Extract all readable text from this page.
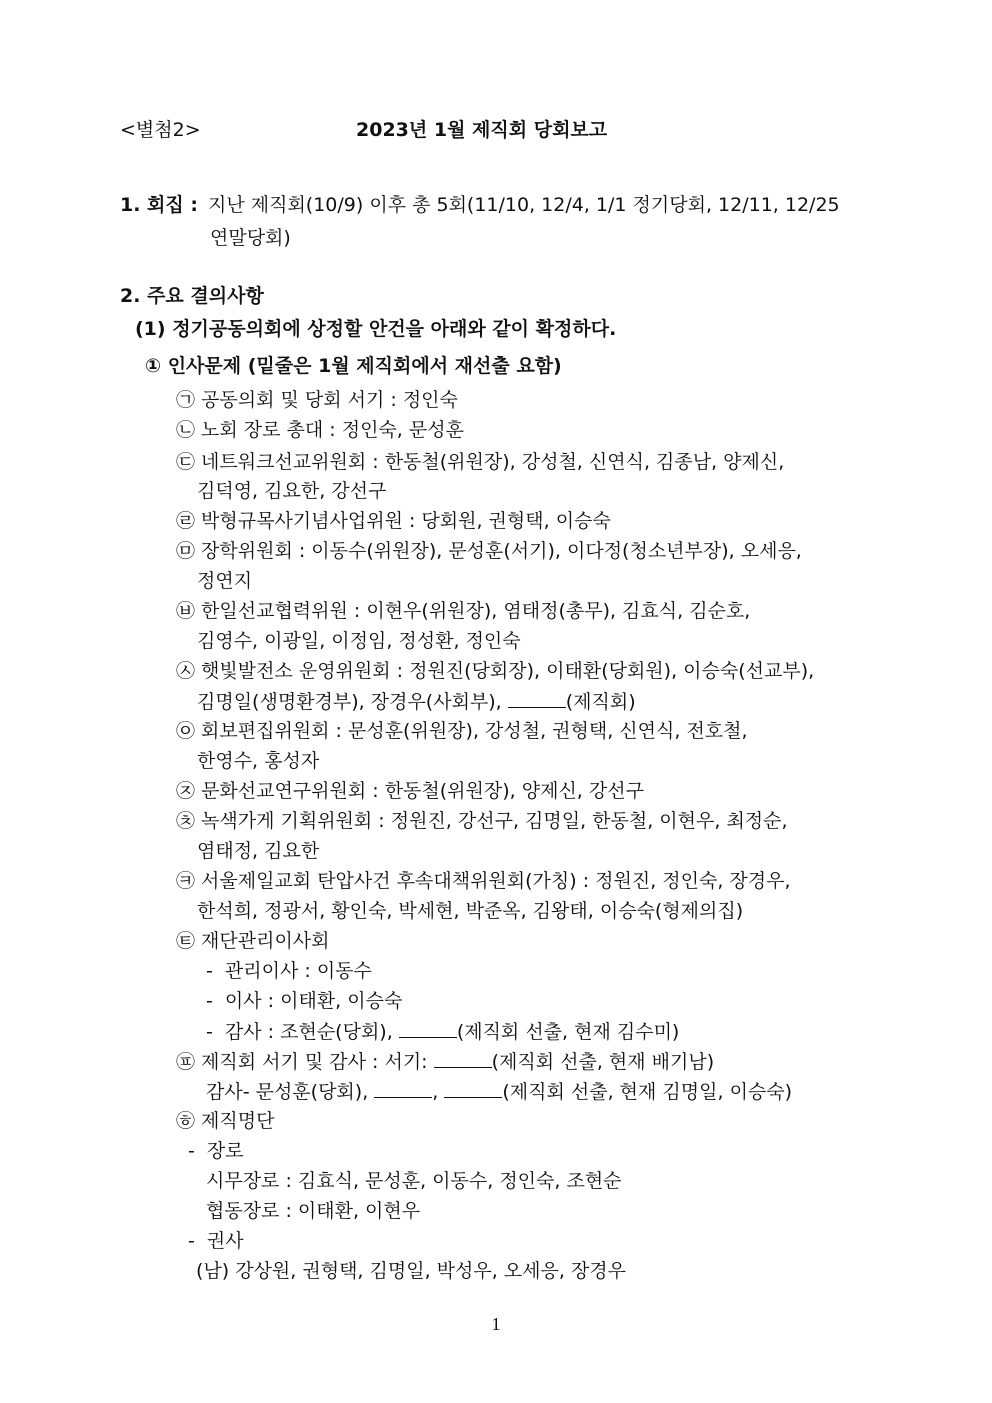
<별첨2>	2023년 1월 제직회 당회보고
1. 회집 : 지난 제직회(10/9) 이후 총 5회(11/10, 12/4, 1/1 정기당회, 12/11, 12/25
연말당회)
2. 주요 결의사항
(1) 정기공동의회에 상정할 안건을 아래와 같이 확정하다.
① 인사문제 (밑줄은 1월 제직회에서 재선출 요함)
㉠ 공동의회 및 당회 서기 : 정인숙
㉡ 노회 장로 총대 : 정인숙, 문성훈
㉢ 네트워크선교위원회 : 한동철(위원장), 강성철, 신연식, 김종남, 양제신,
김덕영, 김요한, 강선구
㉣ 박형규목사기념사업위원 : 당회원, 권형택, 이승숙
㉤ 장학위원회 : 이동수(위원장), 문성훈(서기), 이다정(청소년부장), 오세응,
정연지
㉥ 한일선교협력위원 : 이현우(위원장), 염태정(총무), 김효식, 김순호,
김영수, 이광일, 이정임, 정성환, 정인숙
㉦ 햇빛발전소 운영위원회 : 정원진(당회장), 이태환(당회원), 이승숙(선교부),
김명일(생명환경부), 장경우(사회부),	(제직회)
㉧ 회보편집위원회 : 문성훈(위원장), 강성철, 권형택, 신연식, 전호철,
한영수, 홍성자
㉨ 문화선교연구위원회 : 한동철(위원장), 양제신, 강선구
㉩ 녹색가게 기획위원회 : 정원진, 강선구, 김명일, 한동철, 이현우, 최정순,
염태정, 김요한
㉪ 서울제일교회 탄압사건 후속대책위원회(가칭) : 정원진, 정인숙, 장경우,
한석희, 정광서, 황인숙, 박세현, 박준옥, 김왕태, 이승숙(형제의집)
㉫ 재단관리이사회
-  관리이사 : 이동수
-  이사 : 이태환, 이승숙
-  감사 : 조현순(당회),	(제직회 선출, 현재 김수미)
㉬ 제직회 서기 및 감사 : 서기:	(제직회 선출, 현재 배기남)
감사- 문성훈(당회),	,	(제직회 선출, 현재 김명일, 이승숙)
㉭ 제직명단
-  장로
시무장로 : 김효식, 문성훈, 이동수, 정인숙, 조현순
협동장로 : 이태환, 이현우
-  권사
(남) 강상원, 권형택, 김명일, 박성우, 오세응, 장경우
1
